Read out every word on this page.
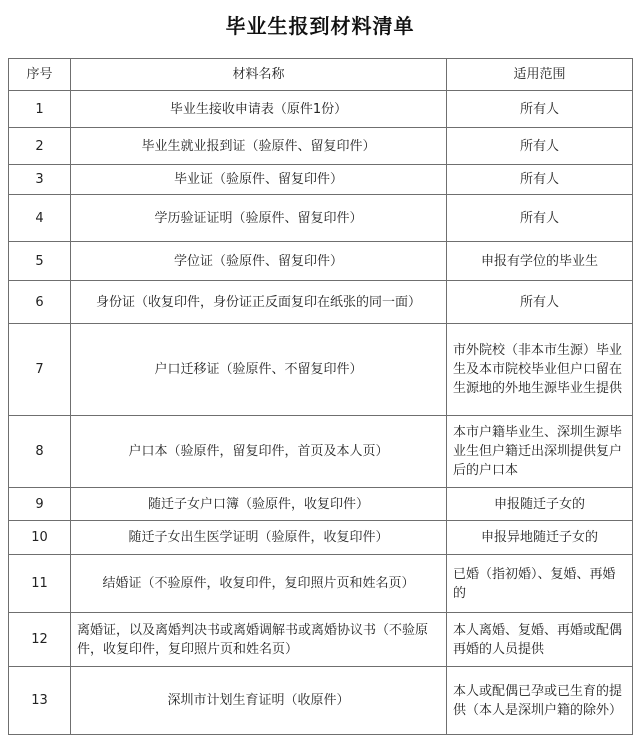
毕业生报到材料清单
序号	材料名称	适用范围
1	毕业生接收申请表（原件1份）	所有人
2	毕业生就业报到证（验原件、留复印件）	所有人
3	毕业证（验原件、留复印件）	所有人
4	学历验证证明（验原件、留复印件）	所有人
5	学位证（验原件、留复印件）	申报有学位的毕业生
6	身份证（收复印件，身份证正反面复印在纸张的同一面）	所有人
7	户口迁移证（验原件、不留复印件）	市外院校（非本市生源）毕业生及本市院校毕业但户口留在生源地的外地生源毕业生提供
8	户口本（验原件，留复印件，首页及本人页）	本市户籍毕业生、深圳生源毕业生但户籍迁出深圳提供复户后的户口本
9	随迁子女户口簿（验原件，收复印件）	申报随迁子女的
10	随迁子女出生医学证明（验原件，收复印件）	申报异地随迁子女的
11	结婚证（不验原件，收复印件，复印照片页和姓名页）	已婚（指初婚）、复婚、再婚的
12	离婚证，以及离婚判决书或离婚调解书或离婚协议书（不验原件，收复印件，复印照片页和姓名页）	本人离婚、复婚、再婚或配偶再婚的人员提供
13	深圳市计划生育证明（收原件）	本人或配偶已孕或已生育的提供（本人是深圳户籍的除外）
